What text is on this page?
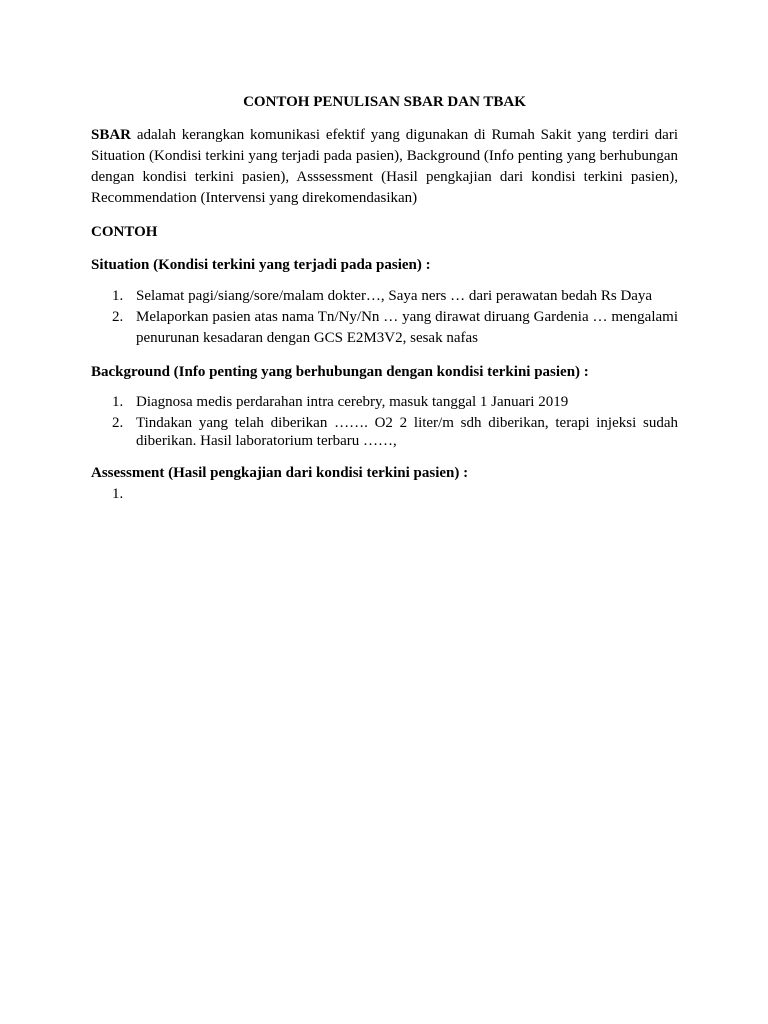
CONTOH PENULISAN SBAR DAN TBAK

SBAR adalah kerangkan komunikasi efektif yang digunakan di Rumah Sakit yang terdiri dari Situation (Kondisi terkini yang terjadi pada pasien), Background (Info penting yang berhubungan dengan kondisi terkini pasien), Asssessment (Hasil pengkajian dari kondisi terkini pasien), Recommendation (Intervensi yang direkomendasikan)

CONTOH
Situation (Kondisi terkini yang terjadi pada pasien) :
1. Selamat pagi/siang/sore/malam dokter…, Saya ners … dari perawatan bedah Rs Daya
2. Melaporkan pasien atas nama Tn/Ny/Nn … yang dirawat diruang Gardenia … mengalami penurunan kesadaran dengan GCS E2M3V2, sesak nafas
Background (Info penting yang berhubungan dengan kondisi terkini pasien) :
1. Diagnosa medis perdarahan intra cerebry, masuk tanggal 1 Januari 2019
2. Tindakan yang telah diberikan ……. O2 2 liter/m sdh diberikan, terapi injeksi sudah diberikan. Hasil laboratorium terbaru ……,
Assessment (Hasil pengkajian dari kondisi terkini pasien) :
1.
